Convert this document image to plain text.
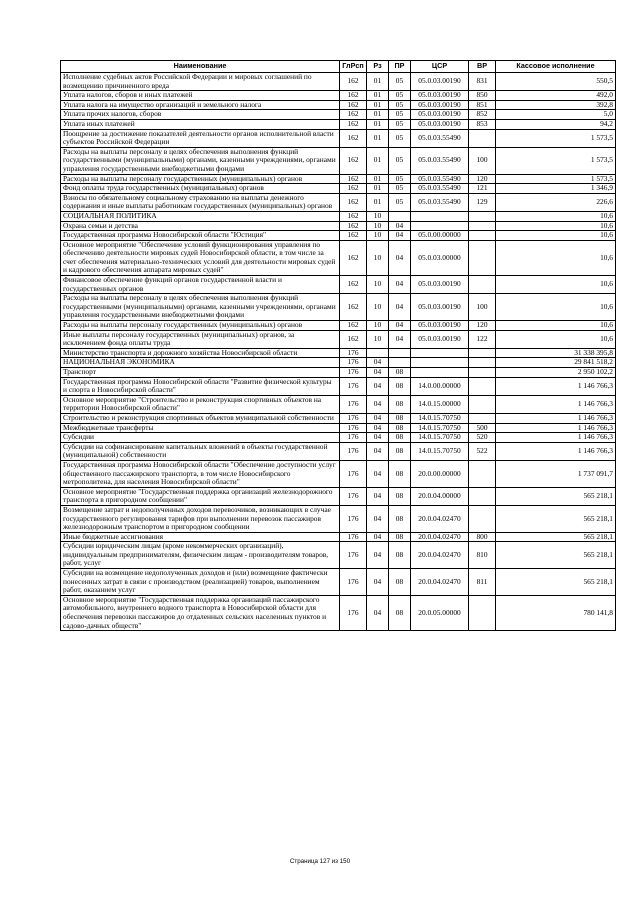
Наименование	ГлРсп	Рз	ПР	ЦСР	ВР	Кассовое исполнение
Исполнение судебных актов Российской Федерации и мировых соглашений по возмещению причиненного вреда	162	01	05	05.0.03.00190	831	550,5
Уплата налогов, сборов и иных платежей	162	01	05	05.0.03.00190	850	492,0
Уплата налога на имущество организаций и земельного налога	162	01	05	05.0.03.00190	851	392,8
Уплата прочих налогов, сборов	162	01	05	05.0.03.00190	852	5,0
Уплата иных платежей	162	01	05	05.0.03.00190	853	94,2
Поощрение за достижение показателей деятельности органов исполнительной власти субъектов Российской Федерации	162	01	05	05.0.03.55490		1 573,5
Расходы на выплаты персоналу в целях обеспечения выполнения функций государственными (муниципальными) органами, казенными учреждениями, органами управления государственными внебюджетными фондами	162	01	05	05.0.03.55490	100	1 573,5
Расходы на выплаты персоналу государственных (муниципальных) органов	162	01	05	05.0.03.55490	120	1 573,5
Фонд оплаты труда государственных (муниципальных) органов	162	01	05	05.0.03.55490	121	1 346,9
Взносы по обязательному социальному страхованию на выплаты денежного содержания и иные выплаты работникам государственных (муниципальных) органов	162	01	05	05.0.03.55490	129	226,6
СОЦИАЛЬНАЯ ПОЛИТИКА	162	10				10,6
Охрана семьи и детства	162	10	04			10,6
Государственная программа Новосибирской области "Юстиция"	162	10	04	05.0.00.00000		10,6
Основное мероприятие "Обеспечение условий функционирования управления по обеспечению деятельности мировых судей Новосибирской области, в том числе за счет обеспечения материально-технических условий для деятельности мировых судей и кадрового обеспечения аппарата мировых судей"	162	10	04	05.0.03.00000		10,6
Финансовое обеспечение функций органов государственной власти и государственных органов	162	10	04	05.0.03.00190		10,6
Расходы на выплаты персоналу в целях обеспечения выполнения функций государственными (муниципальными) органами, казенными учреждениями, органами управления государственными внебюджетными фондами	162	10	04	05.0.03.00190	100	10,6
Расходы на выплаты персоналу государственных (муниципальных) органов	162	10	04	05.0.03.00190	120	10,6
Иные выплаты персоналу государственных (муниципальных) органов, за исключением фонда оплаты труда	162	10	04	05.0.03.00190	122	10,6
Министерство транспорта и дорожного хозяйства Новосибирской области	176					31 338 395,8
НАЦИОНАЛЬНАЯ ЭКОНОМИКА	176	04				29 841 518,2
Транспорт	176	04	08			2 950 102,2
Государственная программа Новосибирской области "Развитие физической культуры и спорта в Новосибирской области"	176	04	08	14.0.00.00000		1 146 766,3
Основное мероприятие "Строительство и реконструкция спортивных объектов на территории Новосибирской области"	176	04	08	14.0.15.00000		1 146 766,3
Строительство и реконструкция спортивных объектов муниципальной собственности	176	04	08	14.0.15.70750		1 146 766,3
Межбюджетные трансферты	176	04	08	14.0.15.70750	500	1 146 766,3
Субсидии	176	04	08	14.0.15.70750	520	1 146 766,3
Субсидии на софинансирование капитальных вложений в объекты государственной (муниципальной) собственности	176	04	08	14.0.15.70750	522	1 146 766,3
Государственная программа Новосибирской области "Обеспечение доступности услуг общественного пассажирского транспорта, в том числе Новосибирского метрополитена, для населения Новосибирской области"	176	04	08	20.0.00.00000		1 737 091,7
Основное мероприятие "Государственная поддержка организаций железнодорожного транспорта в пригородном сообщении"	176	04	08	20.0.04.00000		565 218,1
Возмещение затрат и недополученных доходов перевозчиков, возникающих в случае государственного регулирования тарифов при выполнении перевозок пассажиров железнодорожным транспортом в пригородном сообщении	176	04	08	20.0.04.02470		565 218,1
Иные бюджетные ассигнования	176	04	08	20.0.04.02470	800	565 218,1
Субсидии юридическим лицам (кроме некоммерческих организаций), индивидуальным предпринимателям, физическим лицам - производителям товаров, работ, услуг	176	04	08	20.0.04.02470	810	565 218,1
Субсидии на возмещение недополученных доходов и (или) возмещение фактически понесенных затрат в связи с производством (реализацией) товаров, выполнением работ, оказанием услуг	176	04	08	20.0.04.02470	811	565 218,1
Основное мероприятие "Государственная поддержка организаций пассажирского автомобильного, внутреннего водного транспорта в Новосибирской области для обеспечения перевозки пассажиров до отдаленных сельских населенных пунктов и садово-дачных обществ"	176	04	08	20.0.05.00000		780 141,8
Страница 127 из 150
